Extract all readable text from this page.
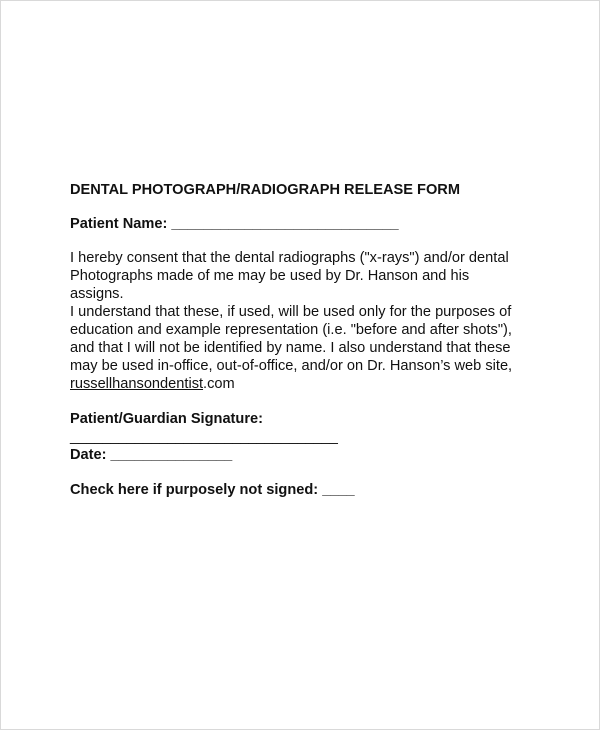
DENTAL PHOTOGRAPH/RADIOGRAPH RELEASE FORM
Patient Name: ____________________________

I hereby consent that the dental radiographs ("x-rays") and/or dental

Photographs made of me may be used by Dr. Hanson and his

assigns.

I understand that these, if used, will be used only for the purposes of

education and example representation (i.e. "before and after shots"),

and that I will not be identified by name. I also understand that these

may be used in-office, out-of-office, and/or on Dr. Hanson’s web site,

russellhansondentist.com

Patient/Guardian Signature:
_________________________________
Date: _______________
Check here if purposely not signed: ____
